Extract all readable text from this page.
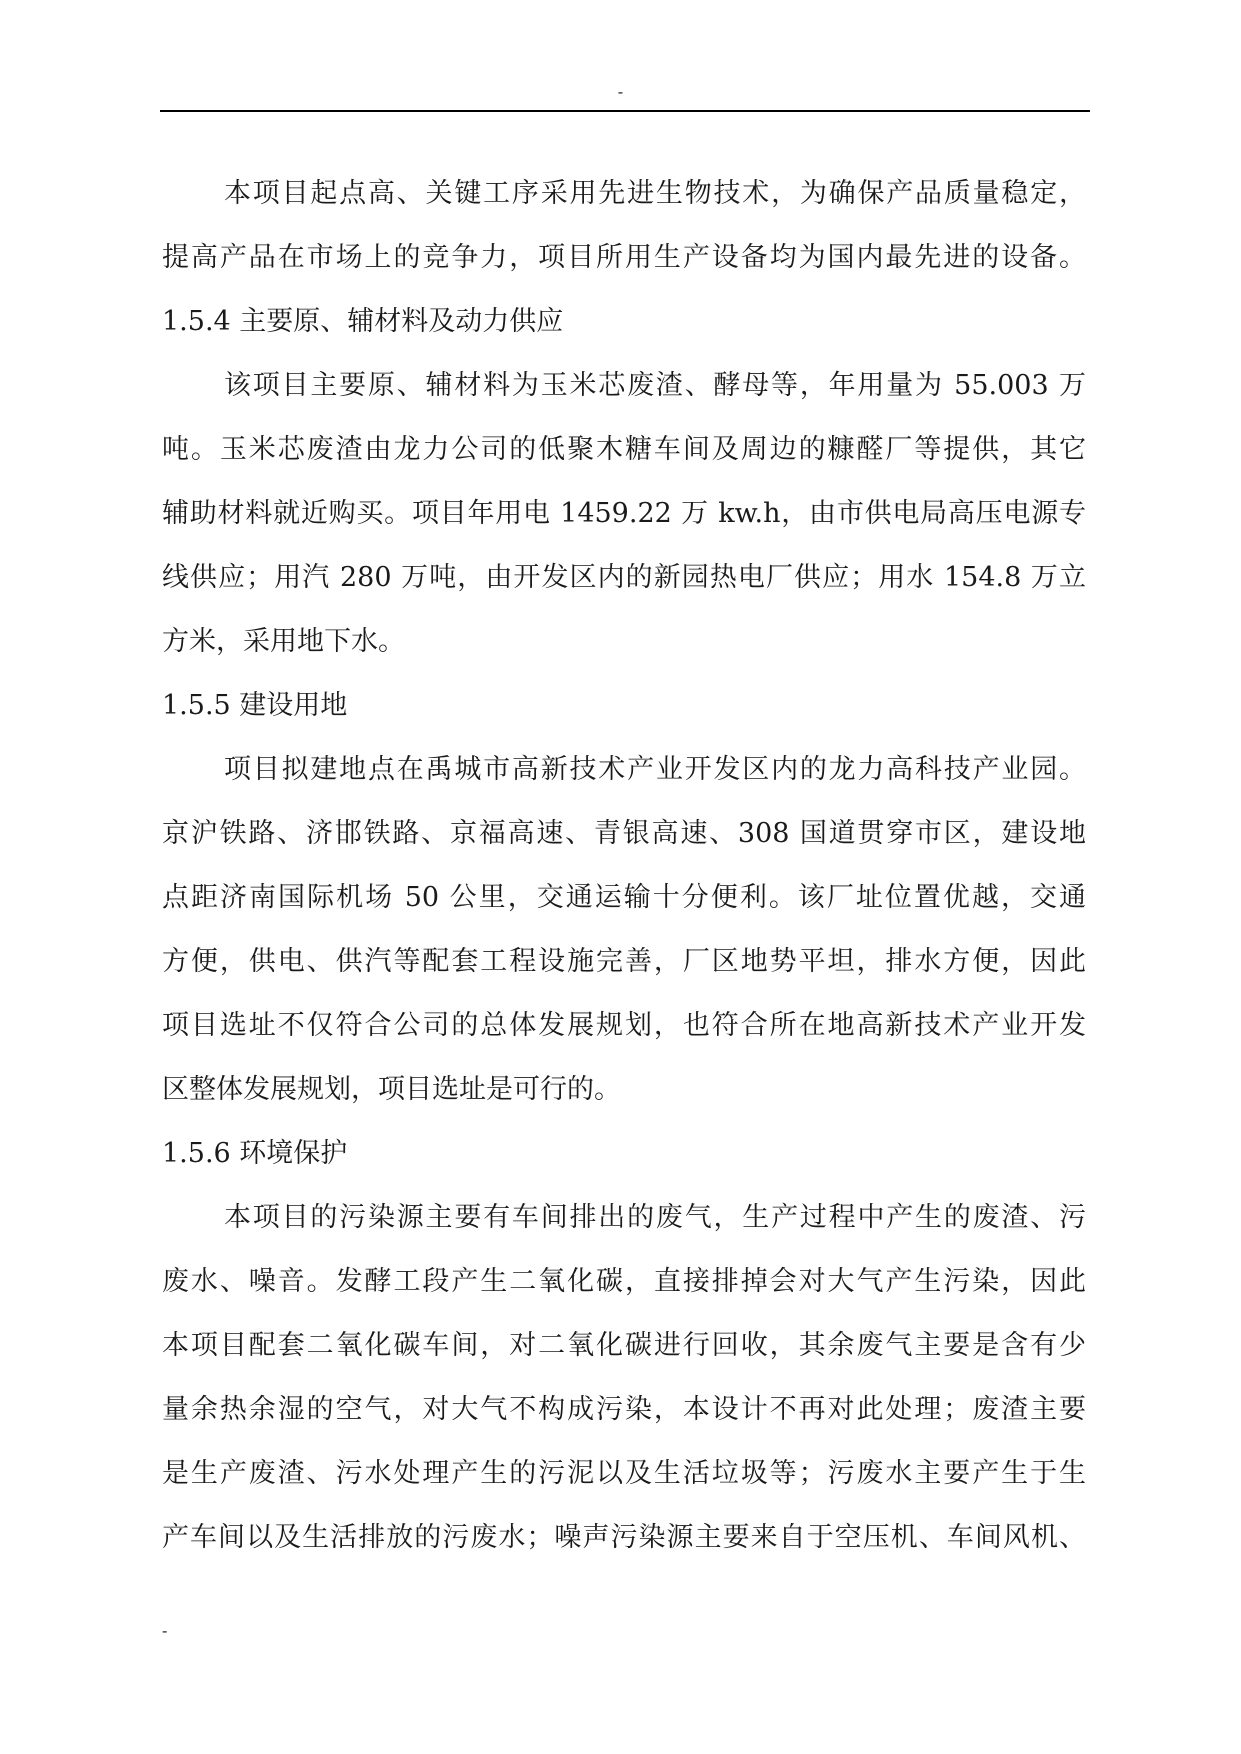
-
本项目起点高、关键工序采用先进生物技术，为确保产品质量稳定，
提高产品在市场上的竞争力，项目所用生产设备均为国内最先进的设备。
1.5.4 主要原、辅材料及动力供应
该项目主要原、辅材料为玉米芯废渣、酵母等，年用量为 55.003 万
吨。玉米芯废渣由龙力公司的低聚木糖车间及周边的糠醛厂等提供，其它
辅助材料就近购买。项目年用电 1459.22 万 kw.h，由市供电局高压电源专
线供应；用汽 280 万吨，由开发区内的新园热电厂供应；用水 154.8 万立
方米，采用地下水。
1.5.5 建设用地
项目拟建地点在禹城市高新技术产业开发区内的龙力高科技产业园。
京沪铁路、济邯铁路、京福高速、青银高速、308 国道贯穿市区，建设地
点距济南国际机场 50 公里，交通运输十分便利。该厂址位置优越，交通
方便，供电、供汽等配套工程设施完善，厂区地势平坦，排水方便，因此
项目选址不仅符合公司的总体发展规划，也符合所在地高新技术产业开发
区整体发展规划，项目选址是可行的。
1.5.6 环境保护
本项目的污染源主要有车间排出的废气，生产过程中产生的废渣、污
废水、噪音。发酵工段产生二氧化碳，直接排掉会对大气产生污染，因此
本项目配套二氧化碳车间，对二氧化碳进行回收，其余废气主要是含有少
量余热余湿的空气，对大气不构成污染，本设计不再对此处理；废渣主要
是生产废渣、污水处理产生的污泥以及生活垃圾等；污废水主要产生于生
产车间以及生活排放的污废水；噪声污染源主要来自于空压机、车间风机、
-
